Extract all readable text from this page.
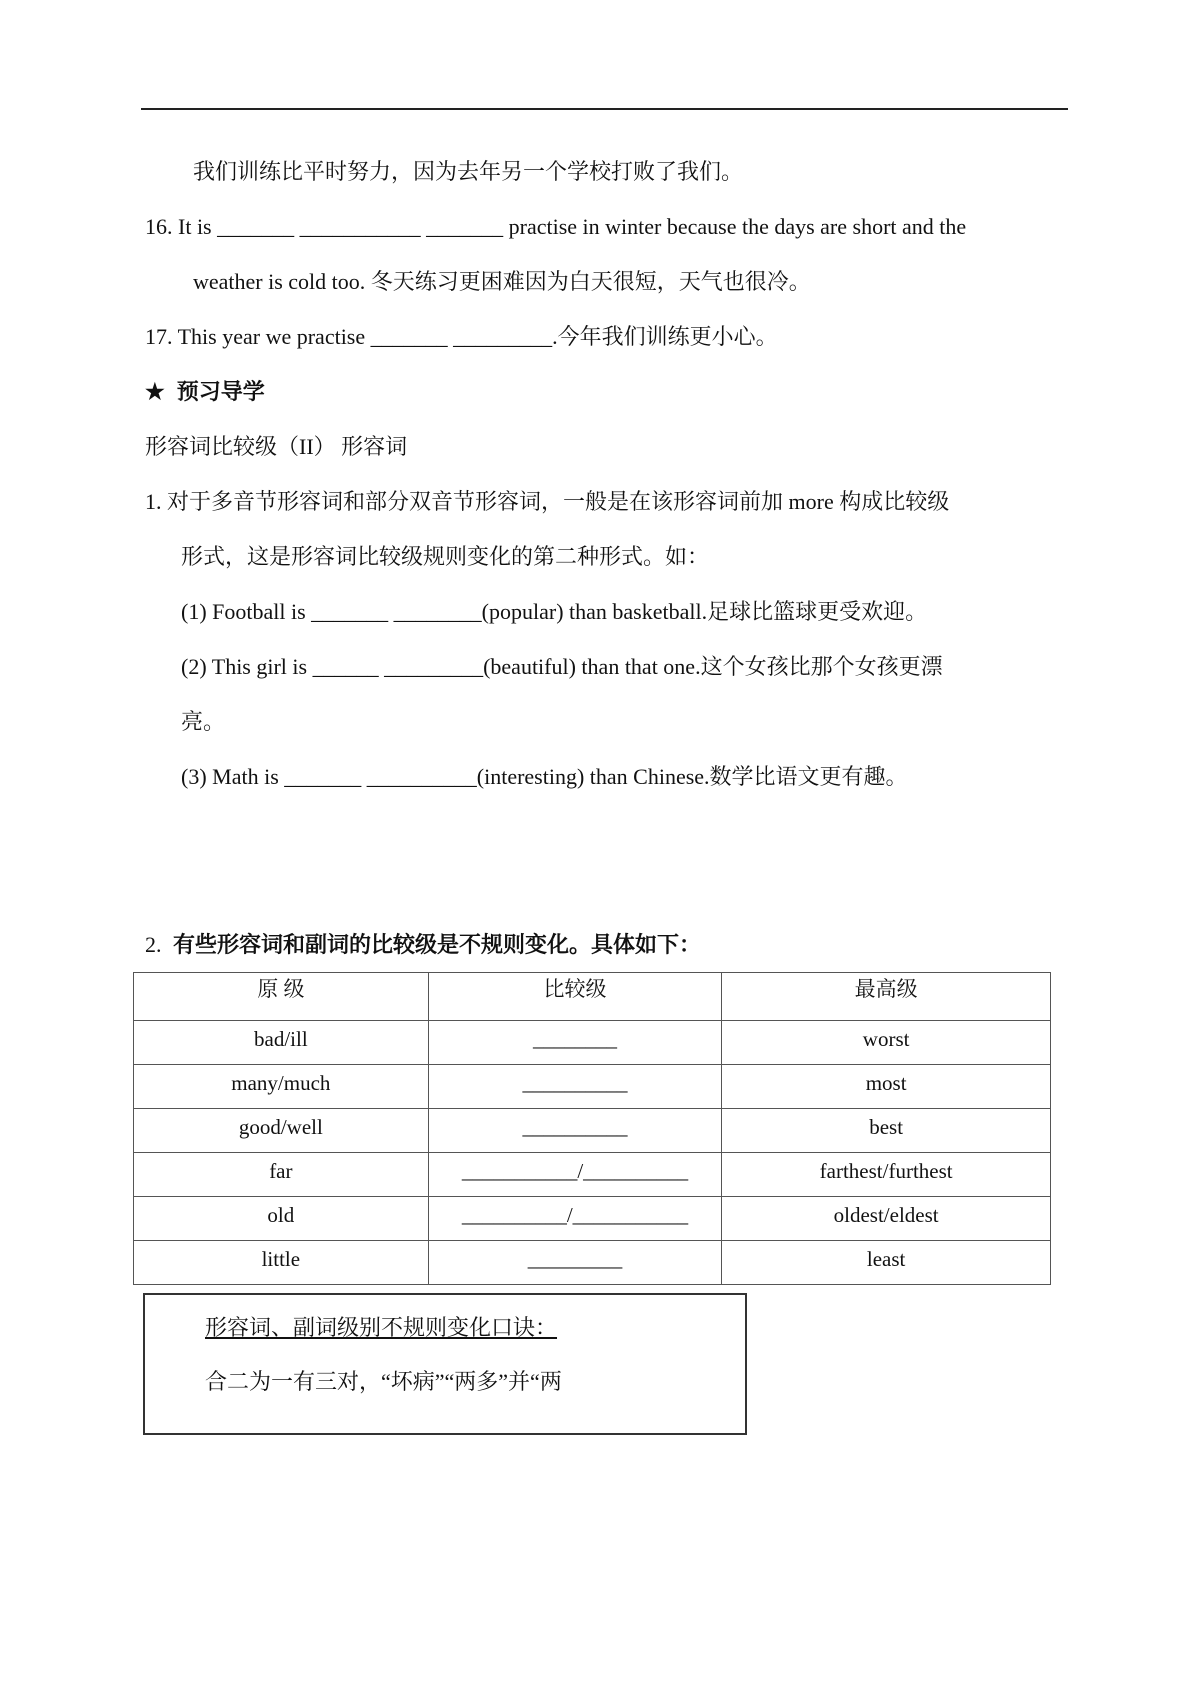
我们训练比平时努力，因为去年另一个学校打败了我们。
16. It is _______ ___________ _______ practise in winter because the days are short and the
weather is cold too. 冬天练习更困难因为白天很短，天气也很冷。
17. This year we practise _______ _________.今年我们训练更小心。
★ 预习导学
形容词比较级（II） 形容词
1. 对于多音节形容词和部分双音节形容词，一般是在该形容词前加 more 构成比较级
形式，这是形容词比较级规则变化的第二种形式。如：
(1) Football is _______ ________(popular) than basketball.足球比篮球更受欢迎。
(2) This girl is ______ _________(beautiful) than that one.这个女孩比那个女孩更漂
亮。
(3) Math is _______ __________(interesting) than Chinese.数学比语文更有趣。
2. 有些形容词和副词的比较级是不规则变化。具体如下：
原 级	比较级	最高级
bad/ill	________	worst
many/much	__________	most
good/well	__________	best
far	___________/__________	farthest/furthest
old	__________/___________	oldest/eldest
little	_________	least
形容词、副词级别不规则变化口诀：
合二为一有三对，“坏病”“两多”并“两
